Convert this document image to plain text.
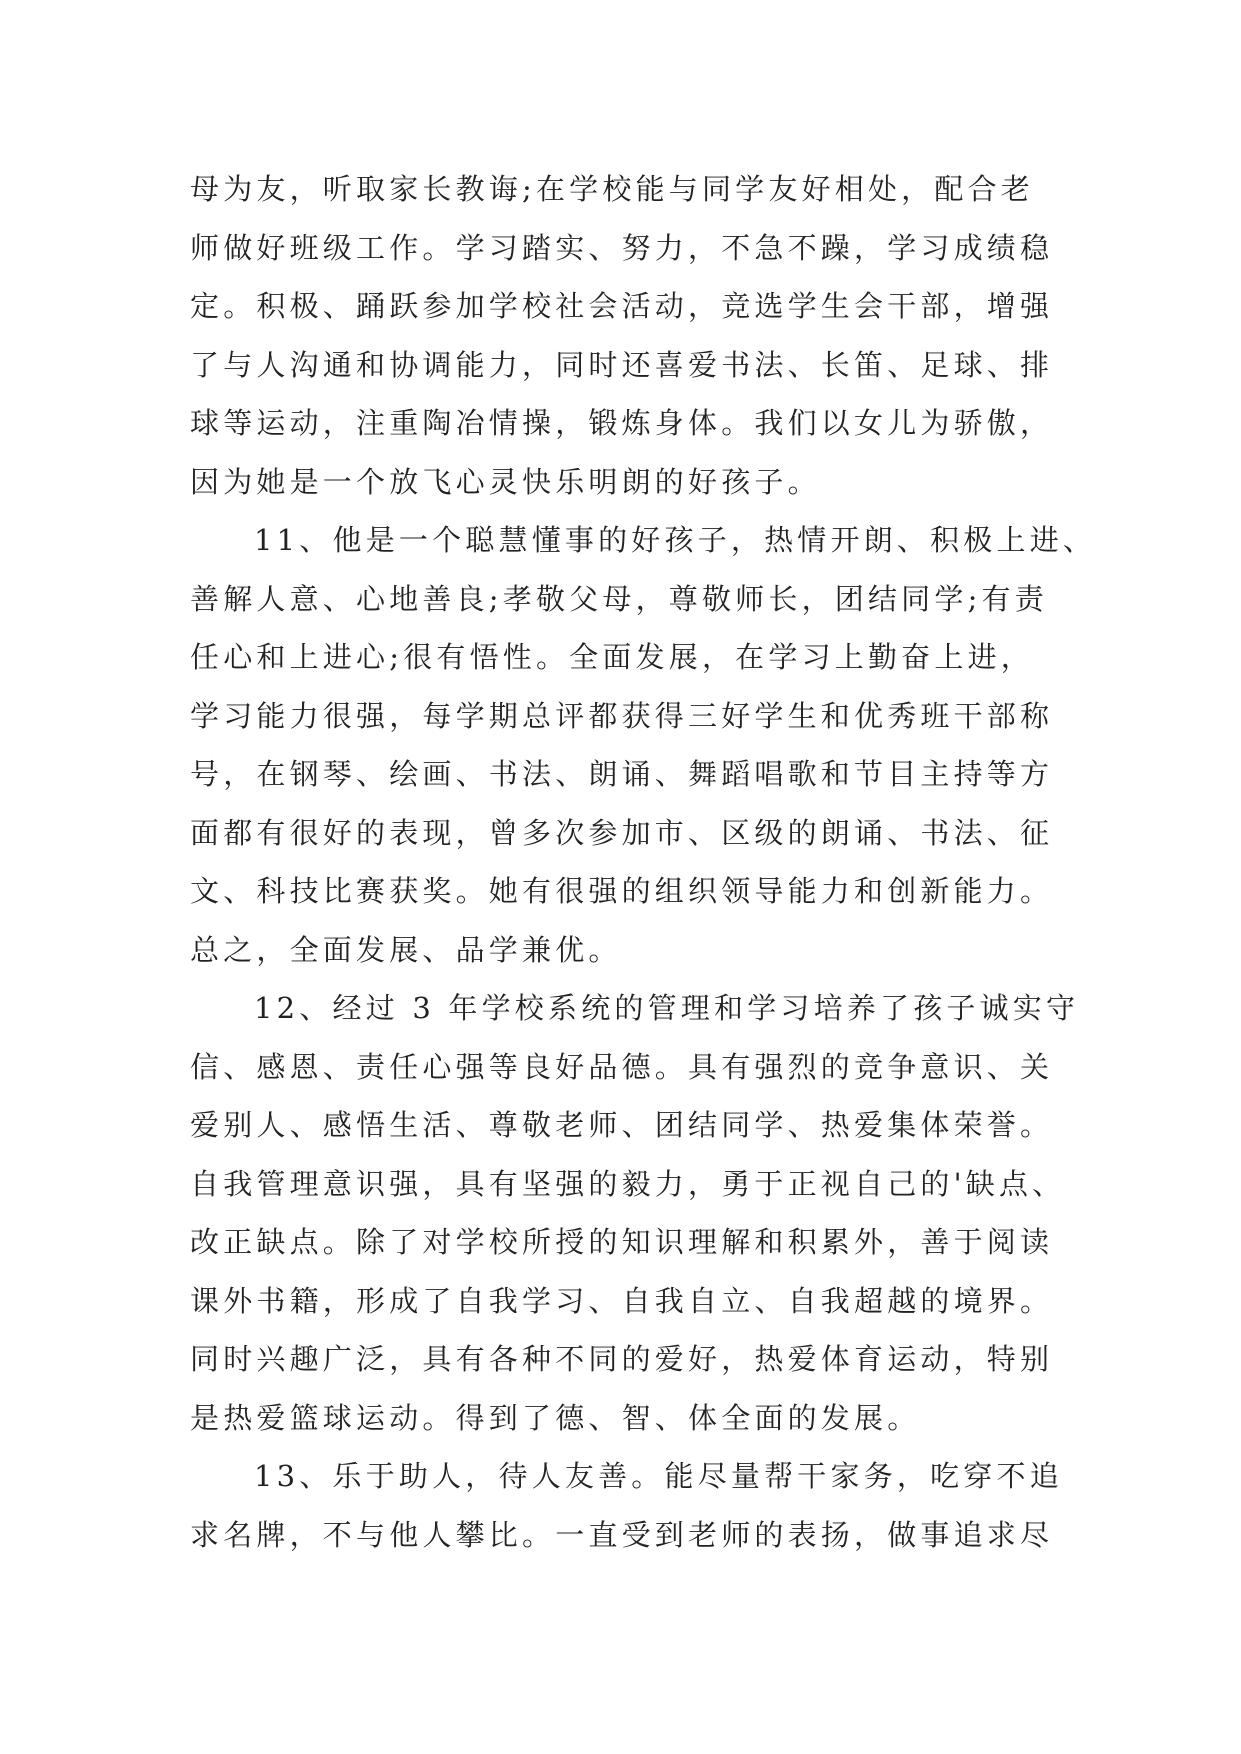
母为友，听取家长教诲;在学校能与同学友好相处，配合老
师做好班级工作。学习踏实、努力，不急不躁，学习成绩稳
定。积极、踊跃参加学校社会活动，竞选学生会干部，增强
了与人沟通和协调能力，同时还喜爱书法、长笛、足球、排
球等运动，注重陶冶情操，锻炼身体。我们以女儿为骄傲，
因为她是一个放飞心灵快乐明朗的好孩子。
11、他是一个聪慧懂事的好孩子，热情开朗、积极上进、
善解人意、心地善良;孝敬父母，尊敬师长，团结同学;有责
任心和上进心;很有悟性。全面发展，在学习上勤奋上进，
学习能力很强，每学期总评都获得三好学生和优秀班干部称
号，在钢琴、绘画、书法、朗诵、舞蹈唱歌和节目主持等方
面都有很好的表现，曾多次参加市、区级的朗诵、书法、征
文、科技比赛获奖。她有很强的组织领导能力和创新能力。
总之，全面发展、品学兼优。
12、经过 3 年学校系统的管理和学习培养了孩子诚实守
信、感恩、责任心强等良好品德。具有强烈的竞争意识、关
爱别人、感悟生活、尊敬老师、团结同学、热爱集体荣誉。
自我管理意识强，具有坚强的毅力，勇于正视自己的'缺点、
改正缺点。除了对学校所授的知识理解和积累外，善于阅读
课外书籍，形成了自我学习、自我自立、自我超越的境界。
同时兴趣广泛，具有各种不同的爱好，热爱体育运动，特别
是热爱篮球运动。得到了德、智、体全面的发展。
13、乐于助人，待人友善。能尽量帮干家务，吃穿不追
求名牌，不与他人攀比。一直受到老师的表扬，做事追求尽
